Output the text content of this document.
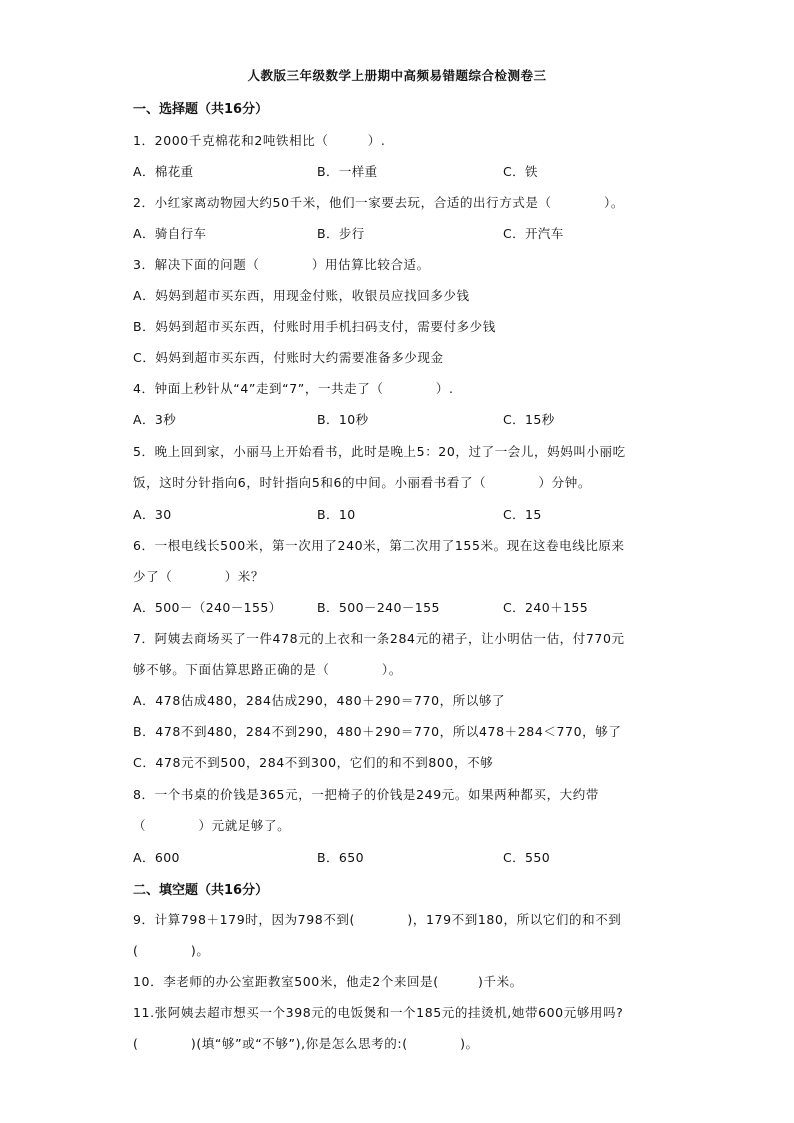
人教版三年级数学上册期中高频易错题综合检测卷三
一、选择题（共16分）
1．2000千克棉花和2吨铁相比（　　　）.
A．棉花重	B．一样重	C．铁
2．小红家离动物园大约50千米，他们一家要去玩，合适的出行方式是（　　　　）。
A．骑自行车	B．步行	C．开汽车
3．解决下面的问题（　　　　）用估算比较合适。
A．妈妈到超市买东西，用现金付账，收银员应找回多少钱
B．妈妈到超市买东西，付账时用手机扫码支付，需要付多少钱
C．妈妈到超市买东西，付账时大约需要准备多少现金
4．钟面上秒针从“4”走到“7”，一共走了（　　　　）.
A．3秒	B．10秒	C．15秒
5．晚上回到家，小丽马上开始看书，此时是晚上5：20，过了一会儿，妈妈叫小丽吃
饭，这时分针指向6，时针指向5和6的中间。小丽看书看了（　　　　）分钟。
A．30	B．10	C．15
6．一根电线长500米，第一次用了240米，第二次用了155米。现在这卷电线比原来
少了（　　　　）米？
A．500－（240－155）	B．500－240－155	C．240＋155
7．阿姨去商场买了一件478元的上衣和一条284元的裙子，让小明估一估，付770元
够不够。下面估算思路正确的是（　　　　）。
A．478估成480，284估成290，480＋290＝770，所以够了
B．478不到480，284不到290，480＋290＝770，所以478＋284＜770，够了
C．478元不到500，284不到300，它们的和不到800，不够
8．一个书桌的价钱是365元，一把椅子的价钱是249元。如果两种都买，大约带
（　　　　）元就足够了。
A．600	B．650	C．550
二、填空题（共16分）
9．计算798＋179时，因为798不到(　　　　)，179不到180，所以它们的和不到
(　　　　)。
10．李老师的办公室距教室500米，他走2个来回是(　　　)千米。
11.张阿姨去超市想买一个398元的电饭煲和一个185元的挂烫机,她带600元够用吗?
(　　　　)(填“够”或“不够”),你是怎么思考的:(　　　　)。
